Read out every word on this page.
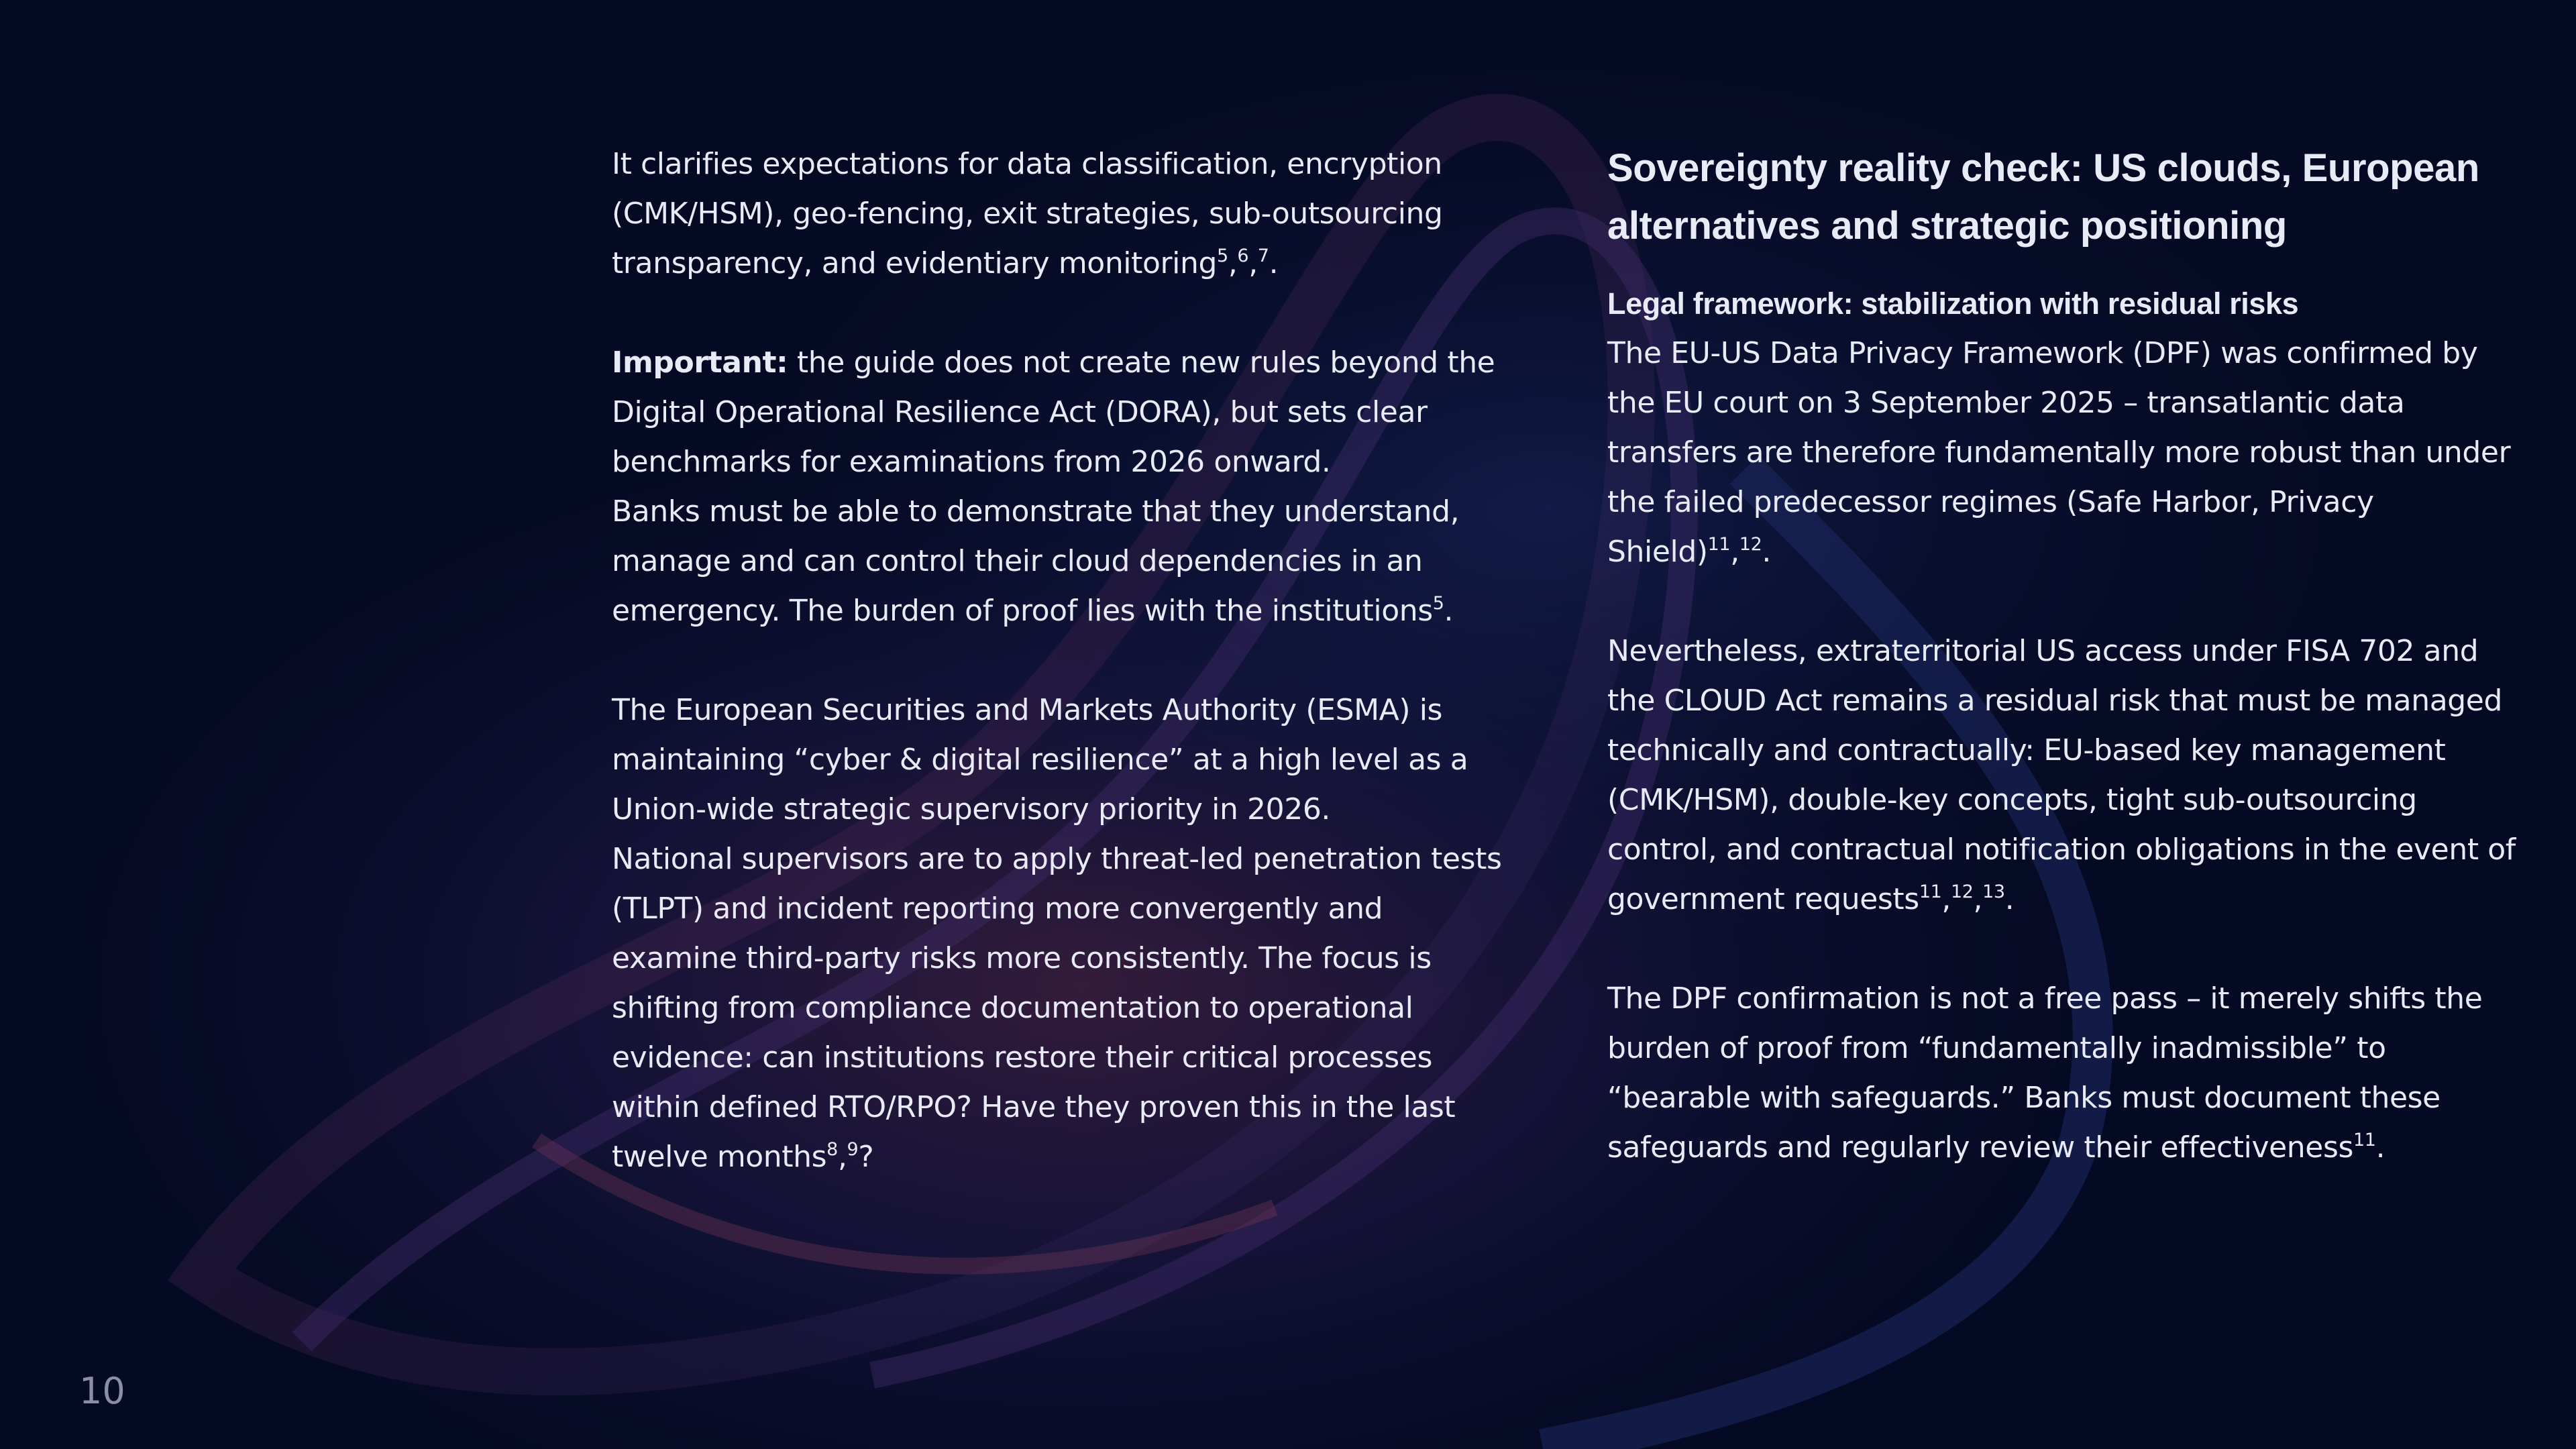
It clarifies expectations for data classification, encryption (CMK/HSM), geo-fencing, exit strategies, sub-outsourcing transparency, and evidentiary monitoring$^5$,$^6$,$^7$.

Important: the guide does not create new rules beyond the Digital Operational Resilience Act (DORA), but sets clear benchmarks for examinations from 2026 onward.

Banks must be able to demonstrate that they understand, manage and can control their cloud dependencies in an emergency. The burden of proof lies with the institutions$^5$.

The European Securities and Markets Authority (ESMA) is maintaining “cyber & digital resilience” at a high level as a Union-wide strategic supervisory priority in 2026.

National supervisors are to apply threat-led penetration tests (TLPT) and incident reporting more convergently and examine third-party risks more consistently. The focus is shifting from compliance documentation to operational evidence: can institutions restore their critical processes within defined RTO/RPO? Have they proven this in the last twelve months$^8$,$^9$?

Sovereignty reality check: US clouds, European alternatives and strategic positioning
Legal framework: stabilization with residual risks

The EU-US Data Privacy Framework (DPF) was confirmed by the EU court on 3 September 2025 – transatlantic data transfers are therefore fundamentally more robust than under the failed predecessor regimes (Safe Harbor, Privacy Shield)$^{11}$,$^{12}$.

Nevertheless, extraterritorial US access under FISA 702 and the CLOUD Act remains a residual risk that must be managed technically and contractually: EU-based key management (CMK/HSM), double-key concepts, tight sub-outsourcing control, and contractual notification obligations in the event of government requests$^{11}$,$^{12}$,$^{13}$.

The DPF confirmation is not a free pass – it merely shifts the burden of proof from “fundamentally inadmissible” to “bearable with safeguards.” Banks must document these safeguards and regularly review their effectiveness$^{11}$.

10
